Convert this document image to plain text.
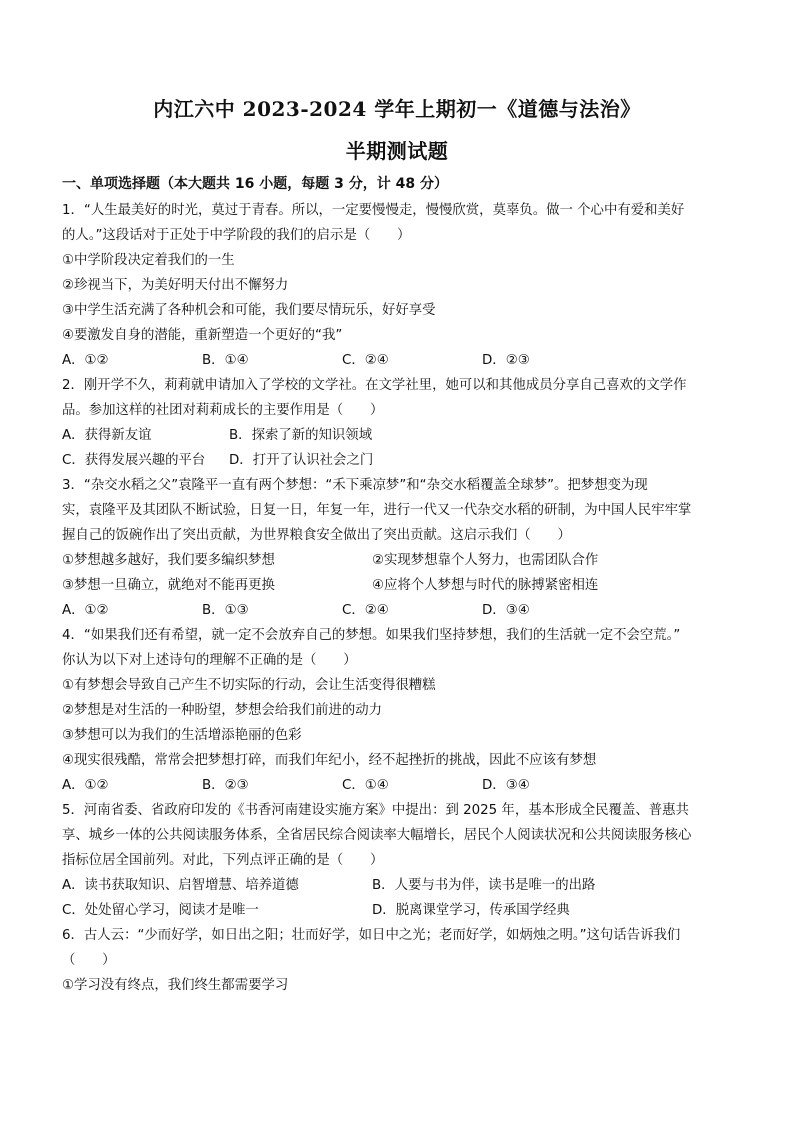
内江六中 2023-2024 学年上期初一《道德与法治》
半期测试题
一、单项选择题（本大题共 16 小题，每题 3 分，计 48 分）
1．“人生最美好的时光，莫过于青春。所以，一定要慢慢走，慢慢欣赏，莫辜负。做一 个心中有爱和美好
的人。”这段话对于正处于中学阶段的我们的启示是（　　）
①中学阶段决定着我们的一生
②珍视当下，为美好明天付出不懈努力
③中学生活充满了各种机会和可能，我们要尽情玩乐，好好享受
④要激发自身的潜能，重新塑造一个更好的“我”
A．①②	B．①④	C．②④	D．②③
2．刚开学不久，莉莉就申请加入了学校的文学社。在文学社里，她可以和其他成员分享自己喜欢的文学作
品。参加这样的社团对莉莉成长的主要作用是（　　）
A．获得新友谊	B．探索了新的知识领域
C．获得发展兴趣的平台	D．打开了认识社会之门
3．“杂交水稻之父”袁隆平一直有两个梦想：“禾下乘凉梦”和“杂交水稻覆盖全球梦”。把梦想变为现
实，袁隆平及其团队不断试验，日复一日，年复一年，进行一代又一代杂交水稻的研制，为中国人民牢牢掌
握自己的饭碗作出了突出贡献，为世界粮食安全做出了突出贡献。这启示我们（　　）
①梦想越多越好，我们要多编织梦想	②实现梦想靠个人努力，也需团队合作
③梦想一旦确立，就绝对不能再更换	④应将个人梦想与时代的脉搏紧密相连
A．①②	B．①③	C．②④	D．③④
4．“如果我们还有希望，就一定不会放弃自己的梦想。如果我们坚持梦想，我们的生活就一定不会空荒。”
你认为以下对上述诗句的理解不正确的是（　　）
①有梦想会导致自己产生不切实际的行动，会让生活变得很糟糕
②梦想是对生活的一种盼望，梦想会给我们前进的动力
③梦想可以为我们的生活增添艳丽的色彩
④现实很残酷，常常会把梦想打碎，而我们年纪小，经不起挫折的挑战，因此不应该有梦想
A．①②	B．②③	C．①④	D．③④
5．河南省委、省政府印发的《书香河南建设实施方案》中提出：到 2025 年，基本形成全民覆盖、普惠共
享、城乡一体的公共阅读服务体系，全省居民综合阅读率大幅增长，居民个人阅读状况和公共阅读服务核心
指标位居全国前列。对此，下列点评正确的是（　　）
A．读书获取知识、启智增慧、培养道德	B．人要与书为伴，读书是唯一的出路
C．处处留心学习，阅读才是唯一	D．脱离课堂学习，传承国学经典
6．古人云：“少而好学，如日出之阳；壮而好学，如日中之光；老而好学，如炳烛之明。”这句话告诉我们
（　　）
①学习没有终点，我们终生都需要学习
